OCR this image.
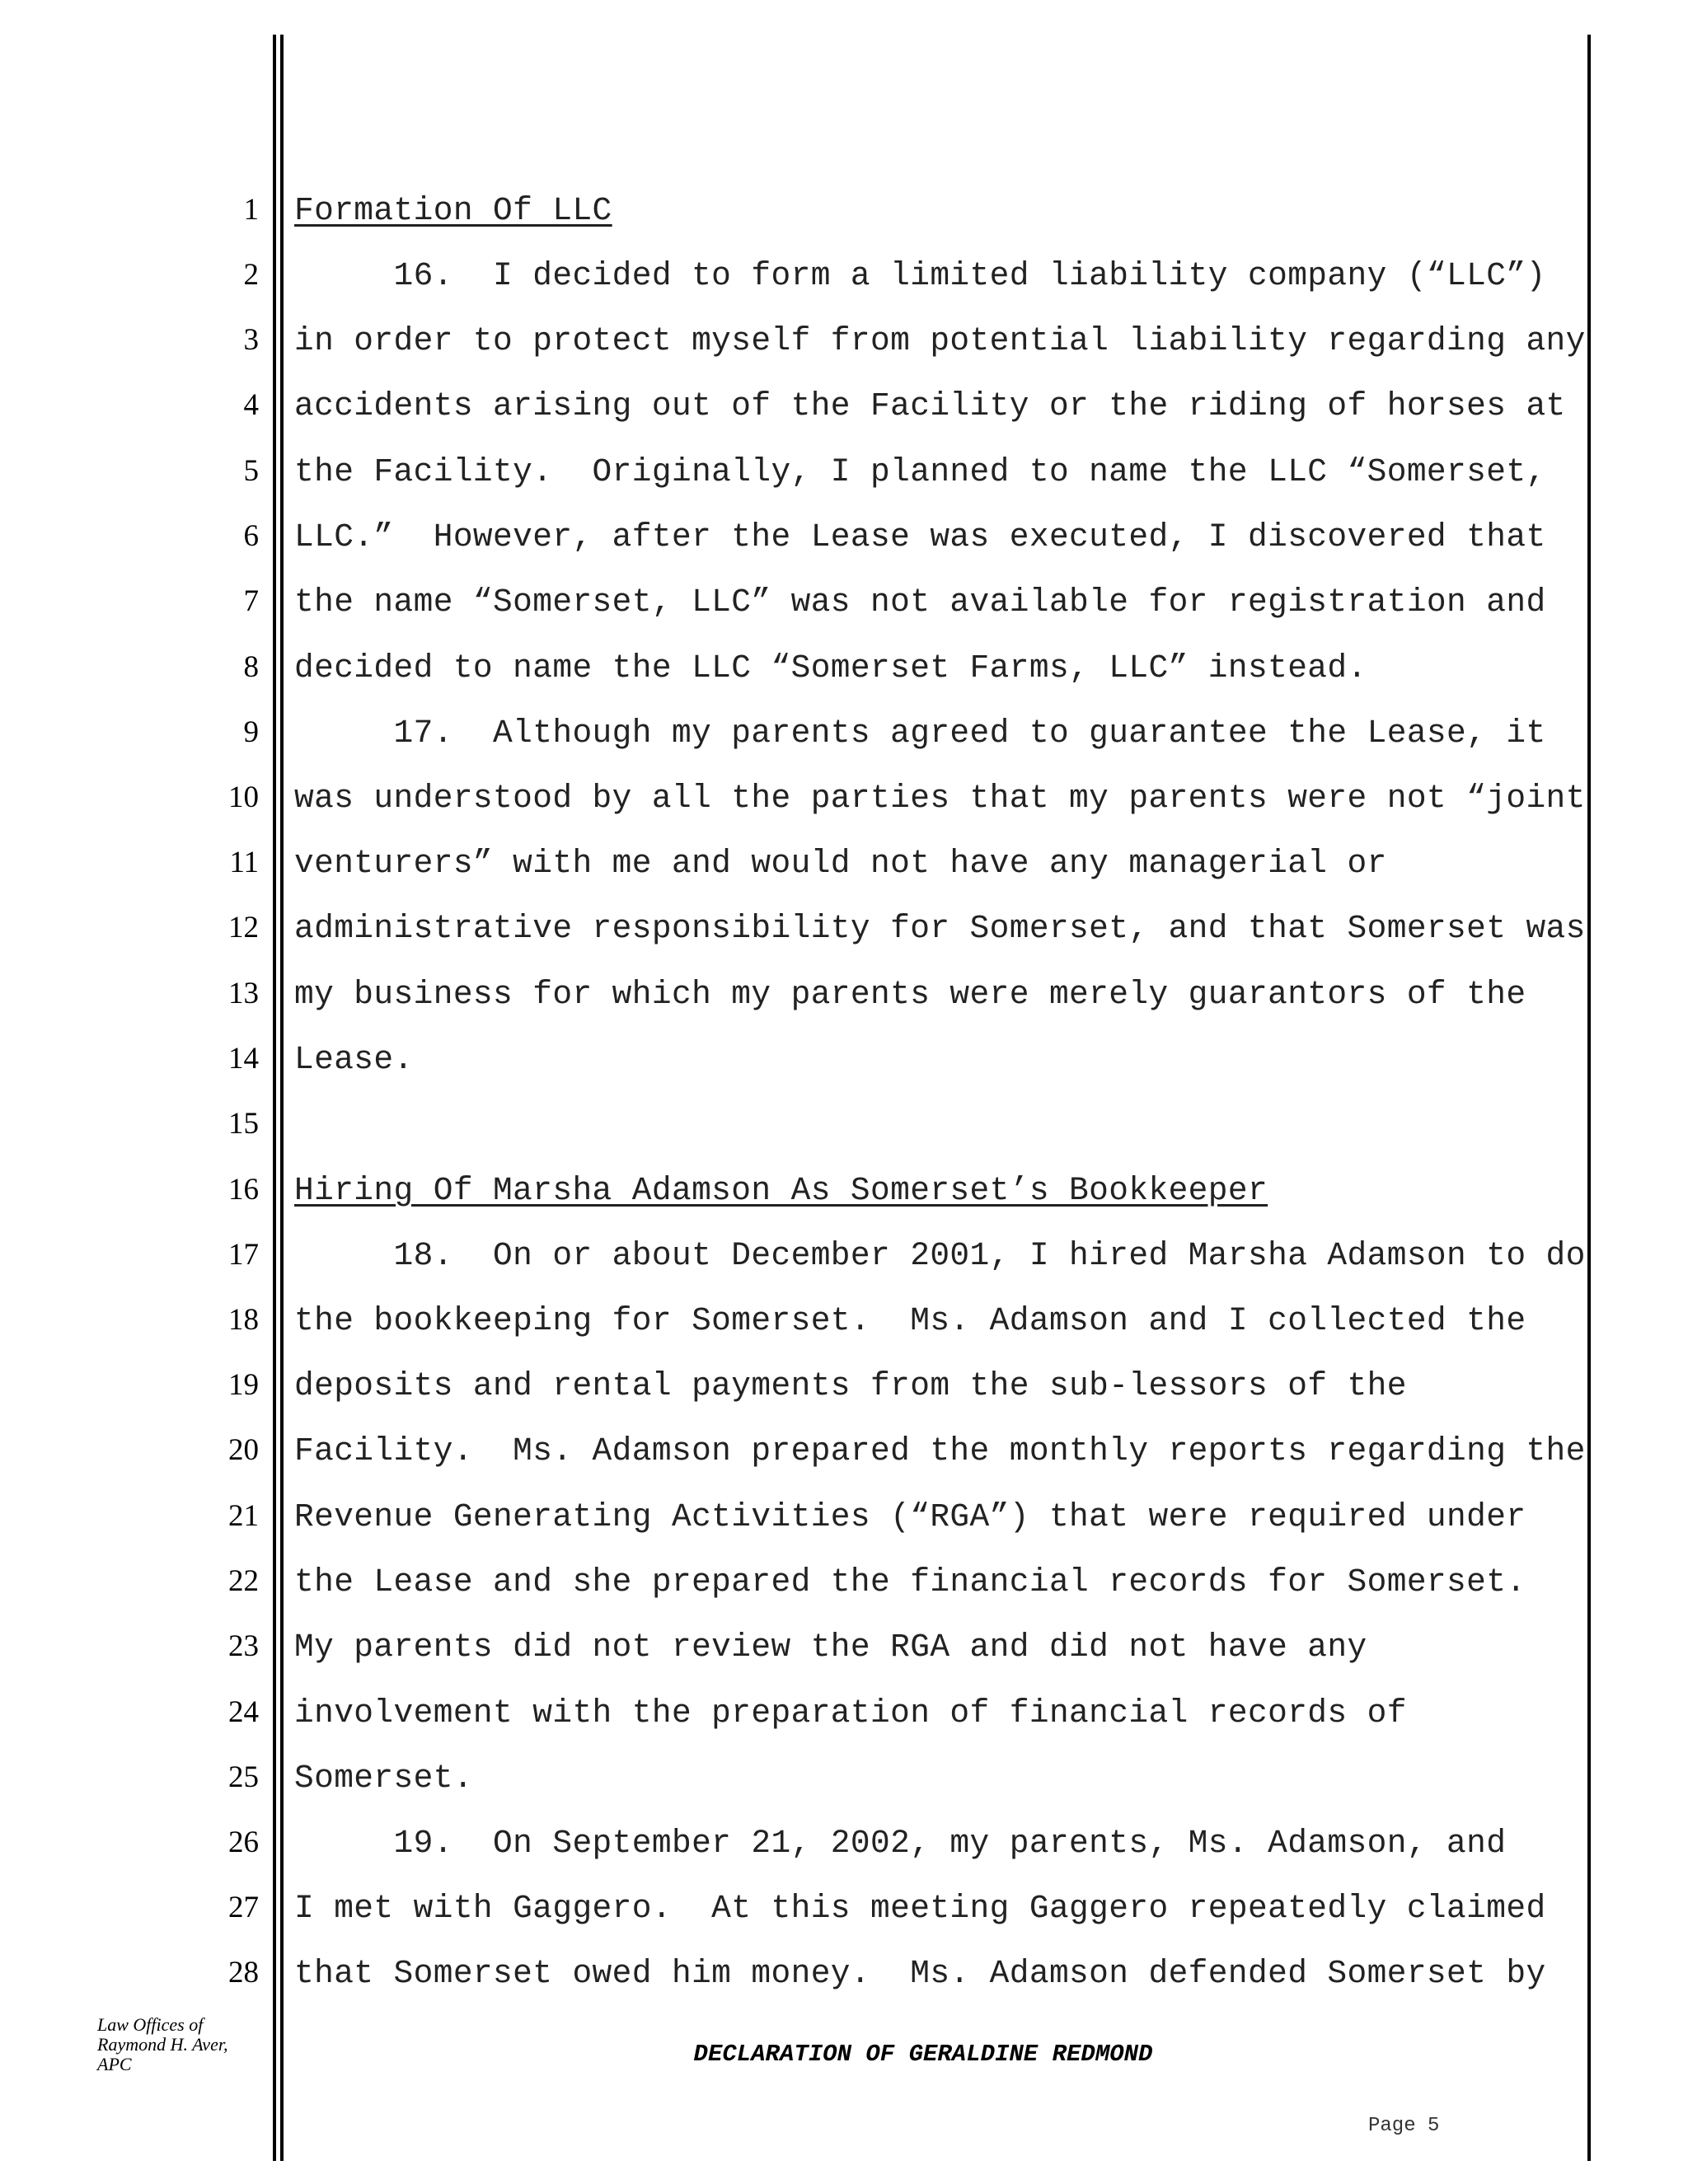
1
2
3
4
5
6
7
8
9
10
11
12
13
14
15
16
17
18
19
20
21
22
23
24
25
26
27
28
Formation Of LLC
16.  I decided to form a limited liability company (“LLC”)
in order to protect myself from potential liability regarding any
accidents arising out of the Facility or the riding of horses at
the Facility.  Originally, I planned to name the LLC “Somerset,
LLC.”  However, after the Lease was executed, I discovered that
the name “Somerset, LLC” was not available for registration and
decided to name the LLC “Somerset Farms, LLC” instead.
17.  Although my parents agreed to guarantee the Lease, it
was understood by all the parties that my parents were not “joint
venturers” with me and would not have any managerial or
administrative responsibility for Somerset, and that Somerset was
my business for which my parents were merely guarantors of the
Lease.
Hiring Of Marsha Adamson As Somerset’s Bookkeeper
18.  On or about December 2001, I hired Marsha Adamson to do
the bookkeeping for Somerset.  Ms. Adamson and I collected the
deposits and rental payments from the sub-lessors of the
Facility.  Ms. Adamson prepared the monthly reports regarding the
Revenue Generating Activities (“RGA”) that were required under
the Lease and she prepared the financial records for Somerset.
My parents did not review the RGA and did not have any
involvement with the preparation of financial records of
Somerset.
19.  On September 21, 2002, my parents, Ms. Adamson, and
I met with Gaggero.  At this meeting Gaggero repeatedly claimed
that Somerset owed him money.  Ms. Adamson defended Somerset by
Law Offices of Raymond H. Aver, APC	DECLARATION OF GERALDINE REDMOND
Page 5
